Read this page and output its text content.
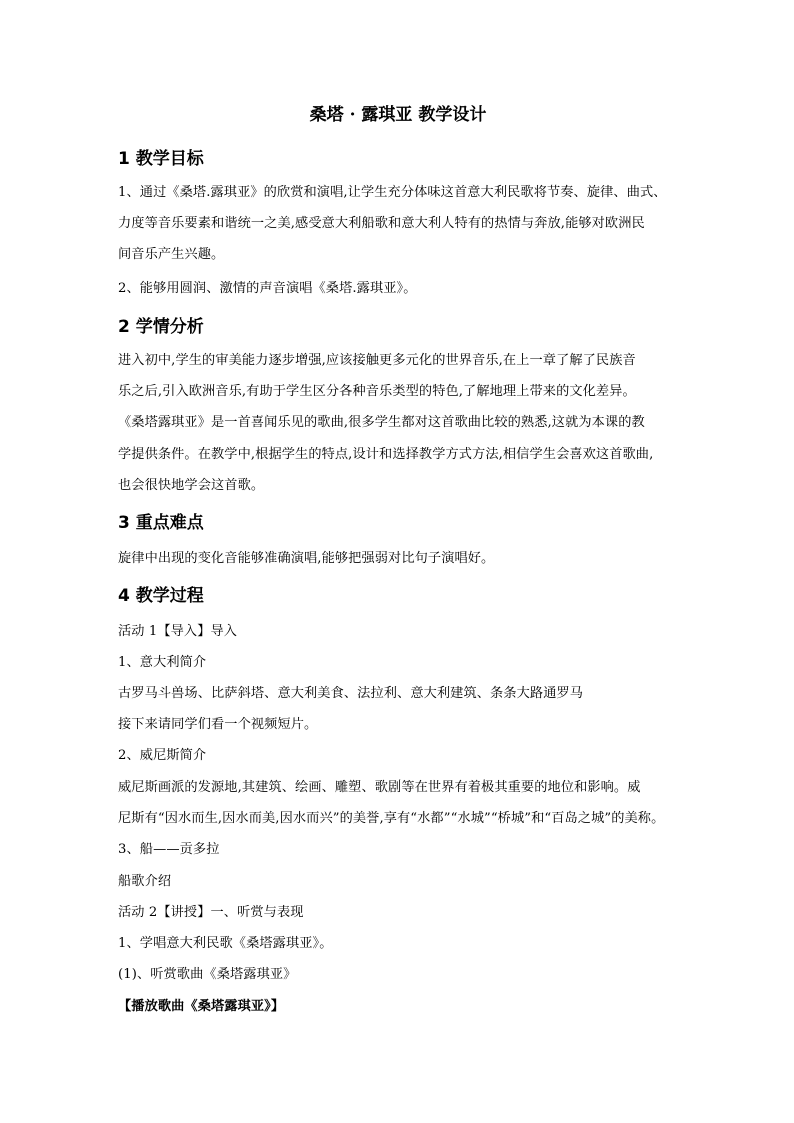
桑塔 · 露琪亚 教学设计
1 教学目标
1、通过《桑塔.露琪亚》的欣赏和演唱,让学生充分体味这首意大利民歌将节奏、旋律、曲式、
力度等音乐要素和谐统一之美,感受意大利船歌和意大利人特有的热情与奔放,能够对欧洲民
间音乐产生兴趣。
2、能够用圆润、激情的声音演唱《桑塔.露琪亚》。
2 学情分析
进入初中,学生的审美能力逐步增强,应该接触更多元化的世界音乐,在上一章了解了民族音
乐之后,引入欧洲音乐,有助于学生区分各种音乐类型的特色,了解地理上带来的文化差异。
《桑塔露琪亚》是一首喜闻乐见的歌曲,很多学生都对这首歌曲比较的熟悉,这就为本课的教
学提供条件。在教学中,根据学生的特点,设计和选择教学方式方法,相信学生会喜欢这首歌曲,
也会很快地学会这首歌。
3 重点难点
旋律中出现的变化音能够准确演唱,能够把强弱对比句子演唱好。
4 教学过程
活动 1【导入】导入
1、意大利简介
古罗马斗兽场、比萨斜塔、意大利美食、法拉利、意大利建筑、条条大路通罗马
接下来请同学们看一个视频短片。
2、威尼斯简介
威尼斯画派的发源地,其建筑、绘画、雕塑、歌剧等在世界有着极其重要的地位和影响。威
尼斯有“因水而生,因水而美,因水而兴”的美誉,享有“水都”“水城”“桥城”和“百岛之城”的美称。
3、船——贡多拉
船歌介绍
活动 2【讲授】一、听赏与表现
1、学唱意大利民歌《桑塔露琪亚》。
(1)、听赏歌曲《桑塔露琪亚》
【播放歌曲《桑塔露琪亚》】
